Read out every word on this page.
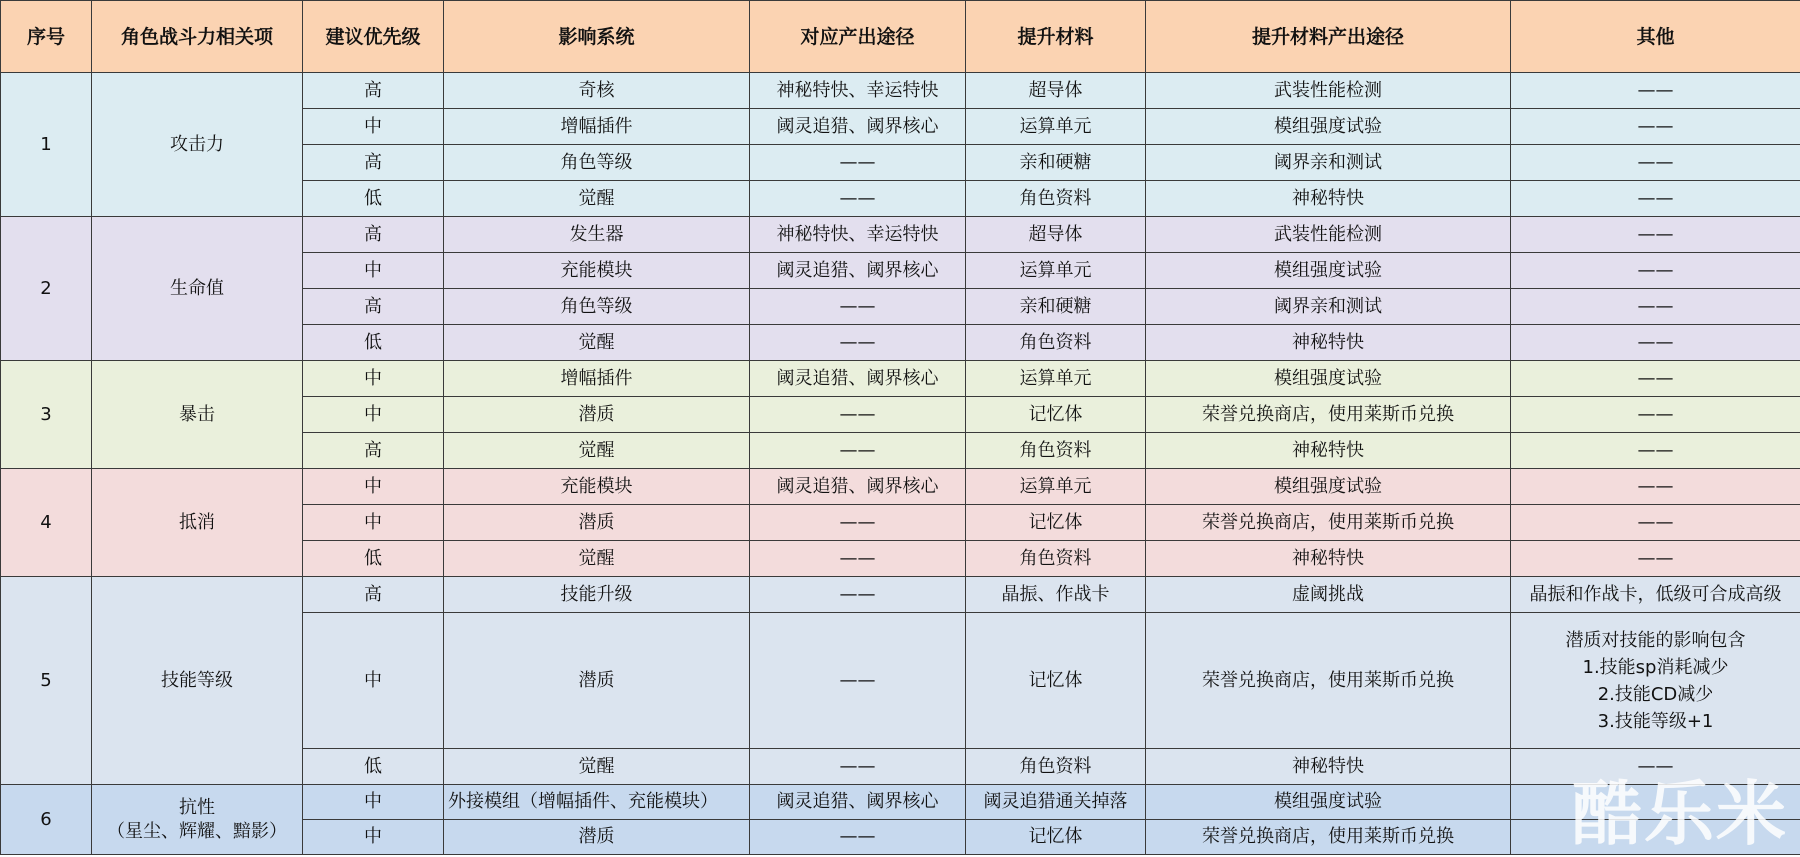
序号	角色战斗力相关项	建议优先级	影响系统	对应产出途径	提升材料	提升材料产出途径	其他
1	攻击力	高	奇核	神秘特快、幸运特快	超导体	武装性能检测	——
		中	增幅插件	阈灵追猎、阈界核心	运算单元	模组强度试验	——
		高	角色等级	——	亲和硬糖	阈界亲和测试	——
		低	觉醒	——	角色资料	神秘特快	——
2	生命值	高	发生器	神秘特快、幸运特快	超导体	武装性能检测	——
		中	充能模块	阈灵追猎、阈界核心	运算单元	模组强度试验	——
		高	角色等级	——	亲和硬糖	阈界亲和测试	——
		低	觉醒	——	角色资料	神秘特快	——
3	暴击	中	增幅插件	阈灵追猎、阈界核心	运算单元	模组强度试验	——
		中	潜质	——	记忆体	荣誉兑换商店，使用莱斯币兑换	——
		高	觉醒	——	角色资料	神秘特快	——
4	抵消	中	充能模块	阈灵追猎、阈界核心	运算单元	模组强度试验	——
		中	潜质	——	记忆体	荣誉兑换商店，使用莱斯币兑换	——
		低	觉醒	——	角色资料	神秘特快	——
5	技能等级	高	技能升级	——	晶振、作战卡	虚阈挑战	晶振和作战卡，低级可合成高级
		中	潜质	——	记忆体	荣誉兑换商店，使用莱斯币兑换	潜质对技能的影响包含
1.技能sp消耗减少
2.技能CD减少
3.技能等级+1
		低	觉醒	——	角色资料	神秘特快	——
6	抗性
（星尘、辉耀、黯影）	中	外接模组（增幅插件、充能模块）	阈灵追猎、阈界核心	阈灵追猎通关掉落	模组强度试验	
		中	潜质	——	记忆体	荣誉兑换商店，使用莱斯币兑换	酷乐米
